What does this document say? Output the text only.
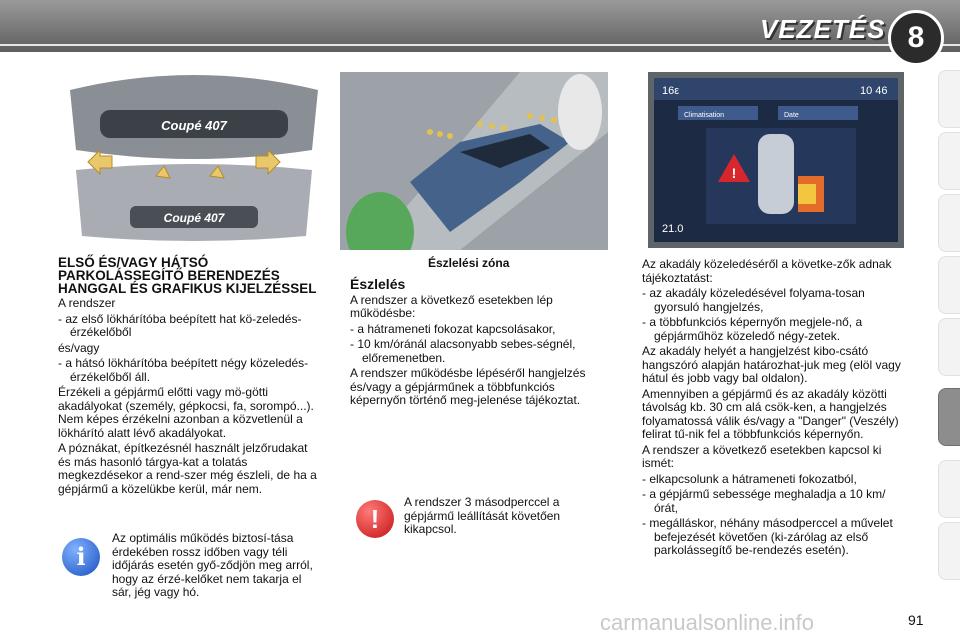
VEZETÉS 8
Coupé 407
Coupé 407
Észlelési zóna
16ε	10 46
Climatisation	Date
!
21.0

ELSŐ ÉS/VAGY HÁTSÓ PARKOLÁSSEGÍTŐ BERENDEZÉS HANGGAL ÉS GRAFIKUS KIJELZÉSSEL

A rendszer

- az első lökhárítóba beépített hat kö-zeledés-érzékelőből

és/vagy

- a hátsó lökhárítóba beépített négy közeledés-érzékelőből áll.

Érzékeli a gépjármű előtti vagy mö-götti akadályokat (személy, gépkocsi, fa, sorompó...). Nem képes érzékelni azonban a közvetlenül a lökhárító alatt lévő akadályokat.

A póznákat, építkezésnél használt jelzőrudakat és más hasonló tárgya-kat a tolatás megkezdésekor a rend-szer még észleli, de ha a gépjármű a közelükbe kerül, már nem.

i
Az optimális működés biztosí-tása érdekében rossz időben vagy téli időjárás esetén győ-ződjön meg arról, hogy az érzé-kelőket nem takarja el sár, jég vagy hó.

Észlelés

A rendszer a következő esetekben lép működésbe:

- a hátrameneti fokozat kapcsolásakor,

- 10 km/óránál alacsonyabb sebes-ségnél, előremenetben.

A rendszer működésbe lépéséről hangjelzés és/vagy a gépjárműnek a többfunkciós képernyőn történő meg-jelenése tájékoztat.

!
A rendszer 3 másodperccel a gépjármű leállítását követően kikapcsol.

Az akadály közeledéséről a követke-zők adnak tájékoztatást:

- az akadály közeledésével folyama-tosan gyorsuló hangjelzés,

- a többfunkciós képernyőn megjele-nő, a gépjárműhöz közeledő négy-zetek.

Az akadály helyét a hangjelzést kibo-csátó hangszóró alapján határozhat-juk meg (elöl vagy hátul és jobb vagy bal oldalon).

Amennyiben a gépjármű és az akadály közötti távolság kb. 30 cm alá csök-ken, a hangjelzés folyamatossá válik és/vagy a "Danger" (Veszély) felirat tű-nik fel a többfunkciós képernyőn.

A rendszer a következő esetekben kapcsol ki ismét:

- elkapcsolunk a hátrameneti fokozatból,

- a gépjármű sebessége meghaladja a 10 km/órát,

- megálláskor, néhány másodperccel a művelet befejezését követően (ki-zárólag az első parkolássegítő be-rendezés esetén).

carmanualsonline.info	91
